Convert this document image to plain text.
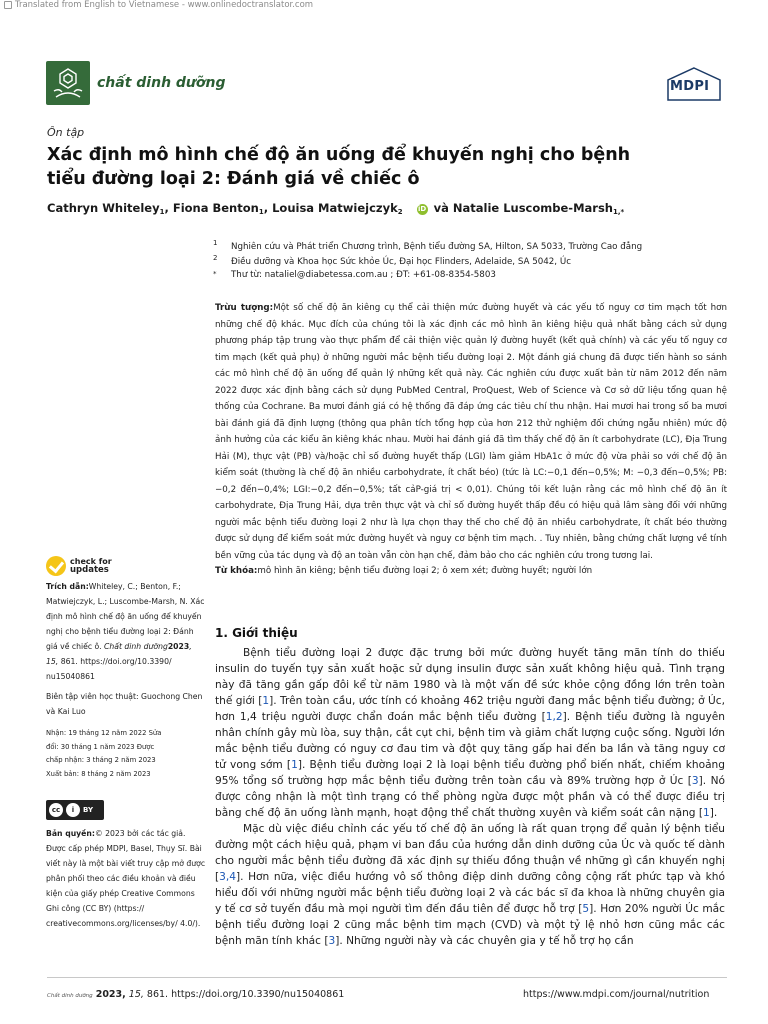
Translated from English to Vietnamese - www.onlinedoctranslator.com
chất dinh dưỡng	MDPI
Ôn tập
Xác định mô hình chế độ ăn uống để khuyến nghị cho bệnh tiểu đường loại 2: Đánh giá về chiếc ô
Cathryn Whiteley$^1$, Fiona Benton$^1$, Louisa Matwiejczyk$^2$ iD và Natalie Luscombe-Marsh$^{1,*}$
1 Nghiên cứu và Phát triển Chương trình, Bệnh tiểu đường SA, Hilton, SA 5033, Trường Cao đẳng
2 Điều dưỡng và Khoa học Sức khỏe Úc, Đại học Flinders, Adelaide, SA 5042, Úc
* Thư từ: nataliel@diabetessa.com.au ; ĐT: +61-08-8354-5803
Trừu tượng:Một số chế độ ăn kiêng cụ thể cải thiện mức đường huyết và các yếu tố nguy cơ tim mạch tốt hơn những chế độ khác. Mục đích của chúng tôi là xác định các mô hình ăn kiêng hiệu quả nhất bằng cách sử dụng phương pháp tập trung vào thực phẩm để cải thiện việc quản lý đường huyết (kết quả chính) và các yếu tố nguy cơ tim mạch (kết quả phụ) ở những người mắc bệnh tiểu đường loại 2. Một đánh giá chung đã được tiến hành so sánh các mô hình chế độ ăn uống để quản lý những kết quả này. Các nghiên cứu được xuất bản từ năm 2012 đến năm 2022 được xác định bằng cách sử dụng PubMed Central, ProQuest, Web of Science và Cơ sở dữ liệu tổng quan hệ thống của Cochrane. Ba mươi đánh giá có hệ thống đã đáp ứng các tiêu chí thu nhận. Hai mươi hai trong số ba mươi bài đánh giá đã định lượng (thông qua phân tích tổng hợp của hơn 212 thử nghiệm đối chứng ngẫu nhiên) mức độ ảnh hưởng của các kiểu ăn kiêng khác nhau. Mười hai đánh giá đã tìm thấy chế độ ăn ít carbohydrate (LC), Địa Trung Hải (M), thực vật (PB) và/hoặc chỉ số đường huyết thấp (LGI) làm giảm HbA1c ở mức độ vừa phải so với chế độ ăn kiểm soát (thường là chế độ ăn nhiều carbohydrate, ít chất béo) (tức là LC:−0,1 đến−0,5%; M: −0,3 đến−0,5%; PB: −0,2 đến−0,4%; LGI:−0,2 đến−0,5%; tất cảP-giá trị < 0,01). Chúng tôi kết luận rằng các mô hình chế độ ăn ít carbohydrate, Địa Trung Hải, dựa trên thực vật và chỉ số đường huyết thấp đều có hiệu quả lâm sàng đối với những người mắc bệnh tiểu đường loại 2 như là lựa chọn thay thế cho chế độ ăn nhiều carbohydrate, ít chất béo thường được sử dụng để kiểm soát mức đường huyết và nguy cơ bệnh tim mạch. . Tuy nhiên, bằng chứng chất lượng về tính bền vững của tác dụng và độ an toàn vẫn còn hạn chế, đảm bảo cho các nghiên cứu trong tương lai.
Từ khóa:mô hình ăn kiêng; bệnh tiểu đường loại 2; ô xem xét; đường huyết; người lớn
check for
updates
Trích dẫn:Whiteley, C.; Benton, F.; Matwiejczyk, L.; Luscombe-Marsh, N. Xác định mô hình chế độ ăn uống để khuyến nghị cho bệnh tiểu đường loại 2: Đánh giá về chiếc ô. Chất dinh dưỡng2023, 15, 861. https://doi.org/10.3390/ nu15040861
Biên tập viên học thuật: Guochong Chen và Kai Luo
Nhận: 19 tháng 12 năm 2022 Sửa đổi: 30 tháng 1 năm 2023 Được chấp nhận: 3 tháng 2 năm 2023 Xuất bản: 8 tháng 2 năm 2023
cc	i	BY
Bản quyền:© 2023 bởi các tác giả. Được cấp phép MDPI, Basel, Thụy Sĩ. Bài viết này là một bài viết truy cập mở được phân phối theo các điều khoản và điều kiện của giấy phép Creative Commons Ghi công (CC BY) (https:// creativecommons.org/licenses/by/ 4.0/).
1. Giới thiệu

Bệnh tiểu đường loại 2 được đặc trưng bởi mức đường huyết tăng mãn tính do thiếu insulin do tuyến tụy sản xuất hoặc sử dụng insulin được sản xuất không hiệu quả. Tình trạng này đã tăng gần gấp đôi kể từ năm 1980 và là một vấn đề sức khỏe cộng đồng lớn trên toàn thế giới [1]. Trên toàn cầu, ước tính có khoảng 462 triệu người đang mắc bệnh tiểu đường; ở Úc, hơn 1,4 triệu người được chẩn đoán mắc bệnh tiểu đường [1,2]. Bệnh tiểu đường là nguyên nhân chính gây mù lòa, suy thận, cắt cụt chi, bệnh tim và giảm chất lượng cuộc sống. Người lớn mắc bệnh tiểu đường có nguy cơ đau tim và đột quỵ tăng gấp hai đến ba lần và tăng nguy cơ tử vong sớm [1]. Bệnh tiểu đường loại 2 là loại bệnh tiểu đường phổ biến nhất, chiếm khoảng 95% tổng số trường hợp mắc bệnh tiểu đường trên toàn cầu và 89% trường hợp ở Úc [3]. Nó được công nhận là một tình trạng có thể phòng ngừa được một phần và có thể được điều trị bằng chế độ ăn uống lành mạnh, hoạt động thể chất thường xuyên và kiểm soát cân nặng [1].

Mặc dù việc điều chỉnh các yếu tố chế độ ăn uống là rất quan trọng để quản lý bệnh tiểu đường một cách hiệu quả, phạm vi ban đầu của hướng dẫn dinh dưỡng của Úc và quốc tế dành cho người mắc bệnh tiểu đường đã xác định sự thiếu đồng thuận về những gì cần khuyến nghị [3,4]. Hơn nữa, việc điều hướng vô số thông điệp dinh dưỡng công cộng rất phức tạp và khó hiểu đối với những người mắc bệnh tiểu đường loại 2 và các bác sĩ đa khoa là những chuyên gia y tế cơ sở tuyến đầu mà mọi người tìm đến đầu tiên để được hỗ trợ [5]. Hơn 20% người Úc mắc bệnh tiểu đường loại 2 cũng mắc bệnh tim mạch (CVD) và một tỷ lệ nhỏ hơn cũng mắc các bệnh mãn tính khác [3]. Những người này và các chuyên gia y tế hỗ trợ họ cần

Chất dinh dưỡng 2023, 15, 861. https://doi.org/10.3390/nu15040861	https://www.mdpi.com/journal/nutrition
